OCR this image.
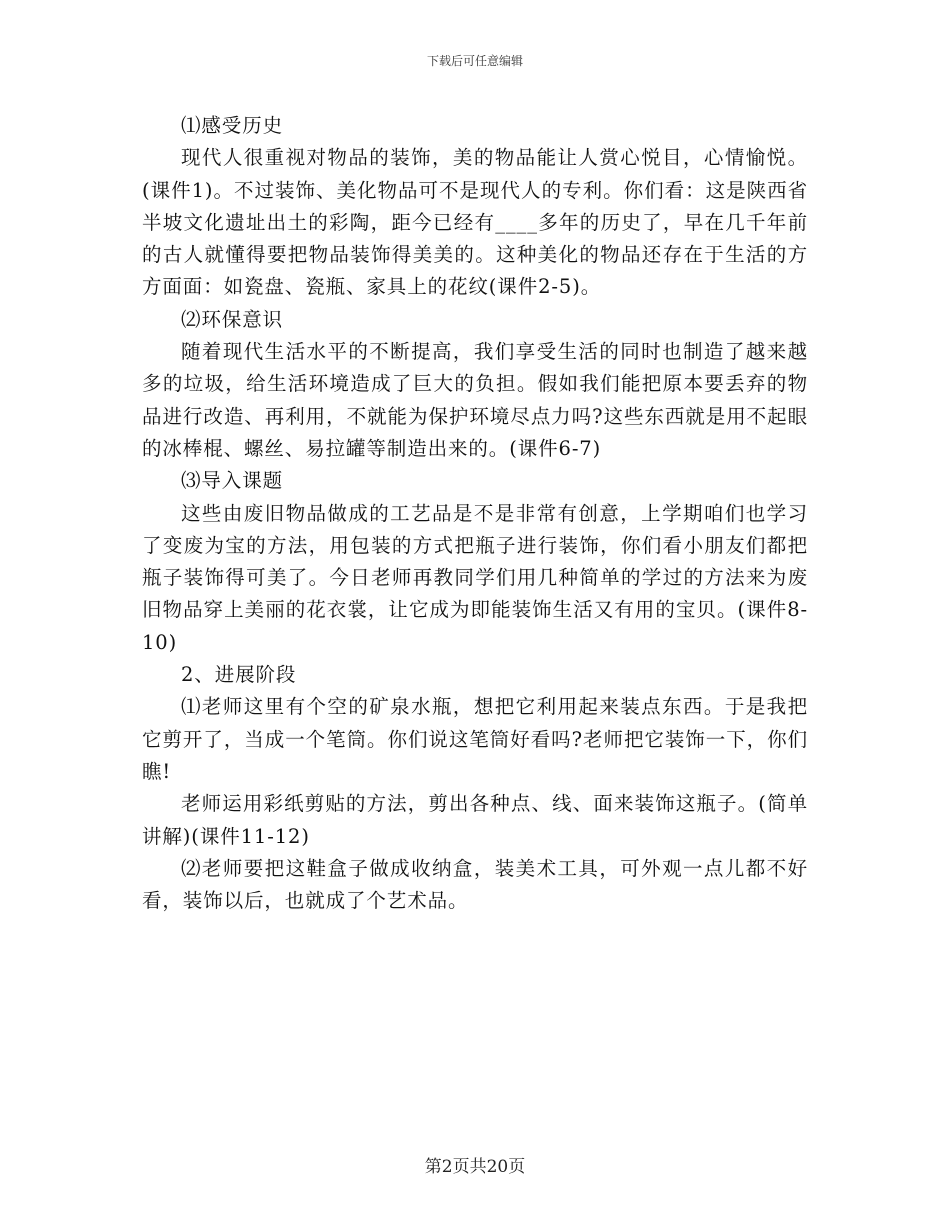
下载后可任意编辑

⑴感受历史

现代人很重视对物品的装饰，美的物品能让人赏心悦目，心情愉悦。(课件1)。不过装饰、美化物品可不是现代人的专利。你们看：这是陕西省半坡文化遗址出土的彩陶，距今已经有____多年的历史了，早在几千年前的古人就懂得要把物品装饰得美美的。这种美化的物品还存在于生活的方方面面：如瓷盘、瓷瓶、家具上的花纹(课件2-5)。

⑵环保意识

随着现代生活水平的不断提高，我们享受生活的同时也制造了越来越多的垃圾，给生活环境造成了巨大的负担。假如我们能把原本要丢弃的物品进行改造、再利用，不就能为保护环境尽点力吗?这些东西就是用不起眼的冰棒棍、螺丝、易拉罐等制造出来的。(课件6-7)

⑶导入课题

这些由废旧物品做成的工艺品是不是非常有创意，上学期咱们也学习了变废为宝的方法，用包装的方式把瓶子进行装饰，你们看小朋友们都把瓶子装饰得可美了。今日老师再教同学们用几种简单的学过的方法来为废旧物品穿上美丽的花衣裳，让它成为即能装饰生活又有用的宝贝。(课件8-10)

2、进展阶段

⑴老师这里有个空的矿泉水瓶，想把它利用起来装点东西。于是我把它剪开了，当成一个笔筒。你们说这笔筒好看吗?老师把它装饰一下，你们瞧!

老师运用彩纸剪贴的方法，剪出各种点、线、面来装饰这瓶子。(简单讲解)(课件11-12)

⑵老师要把这鞋盒子做成收纳盒，装美术工具，可外观一点儿都不好看，装饰以后，也就成了个艺术品。

第2页共20页
